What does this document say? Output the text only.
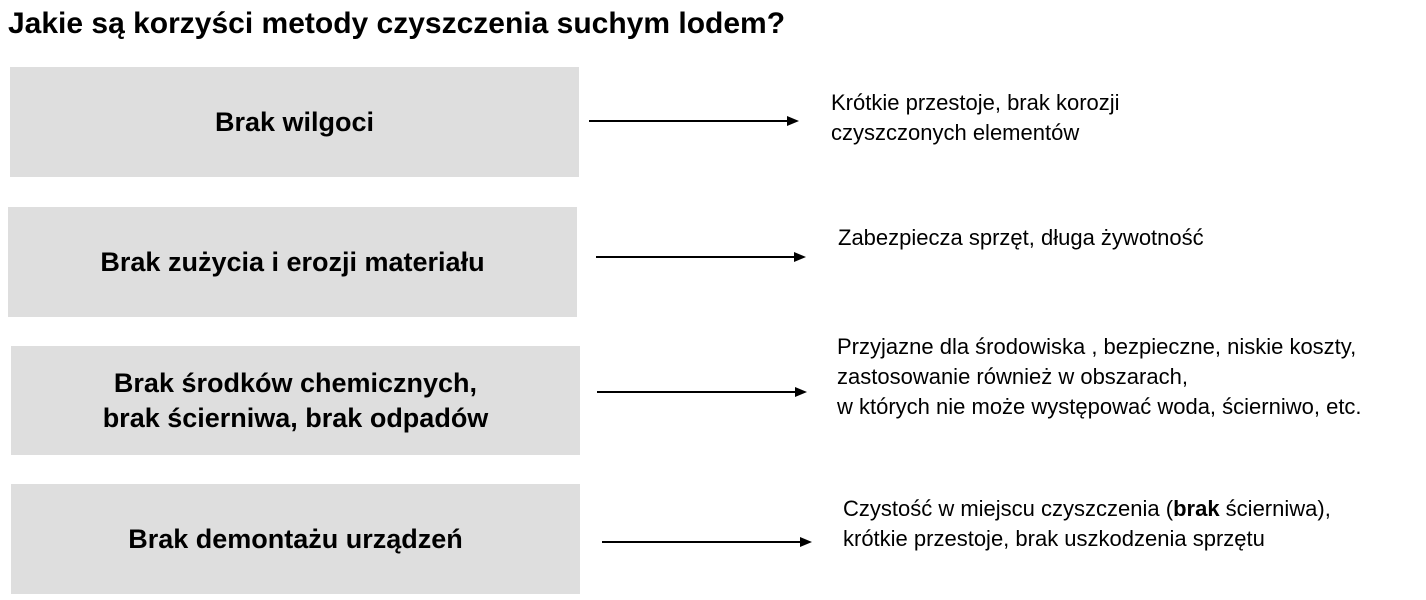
Jakie są korzyści metody czyszczenia suchym lodem?
Brak wilgoci
Krótkie przestoje, brak korozji
czyszczonych elementów
Brak zużycia i erozji materiału
Zabezpiecza sprzęt, długa żywotność
Brak środków chemicznych,
brak ścierniwa, brak odpadów
Przyjazne dla środowiska , bezpieczne, niskie koszty,
zastosowanie również w obszarach,
w których nie może występować woda, ścierniwo, etc.
Brak demontażu urządzeń
Czystość w miejscu czyszczenia (brak ścierniwa),
krótkie przestoje, brak uszkodzenia sprzętu
